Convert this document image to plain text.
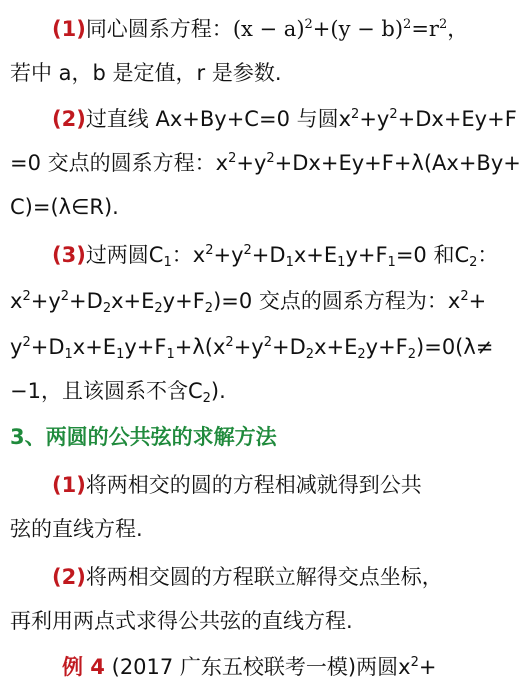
(1)同心圆系方程：$(x - a)^2+(y - b)^2=r^2$，
若中 a，b 是定值，r 是参数.
(2)过直线 Ax+By+C=0 与圆$x^2+y^2+Dx+Ey+F$
=0 交点的圆系方程：$x^2+y^2+Dx+Ey+F+\lambda(Ax+By+$
C)=(λ∈R).
(3)过两圆$C_1$：$x^2+y^2+D_1x+E_1y+F_1=0$ 和$C_2$：
$x^2+y^2+D_2x+E_2y+F_2)=0$ 交点的圆系方程为：$x^2+$
$y^2+D_1x+E_1y+F_1+\lambda(x^2+y^2+D_2x+E_2y+F_2)=0(\lambda\ne$
−1，且该圆系不含$C_2$).
3、两圆的公共弦的求解方法
(1)将两相交的圆的方程相减就得到公共
弦的直线方程.
(2)将两相交圆的方程联立解得交点坐标，
再利用两点式求得公共弦的直线方程.
例 4 (2017 广东五校联考一模)两圆$x^2+$
